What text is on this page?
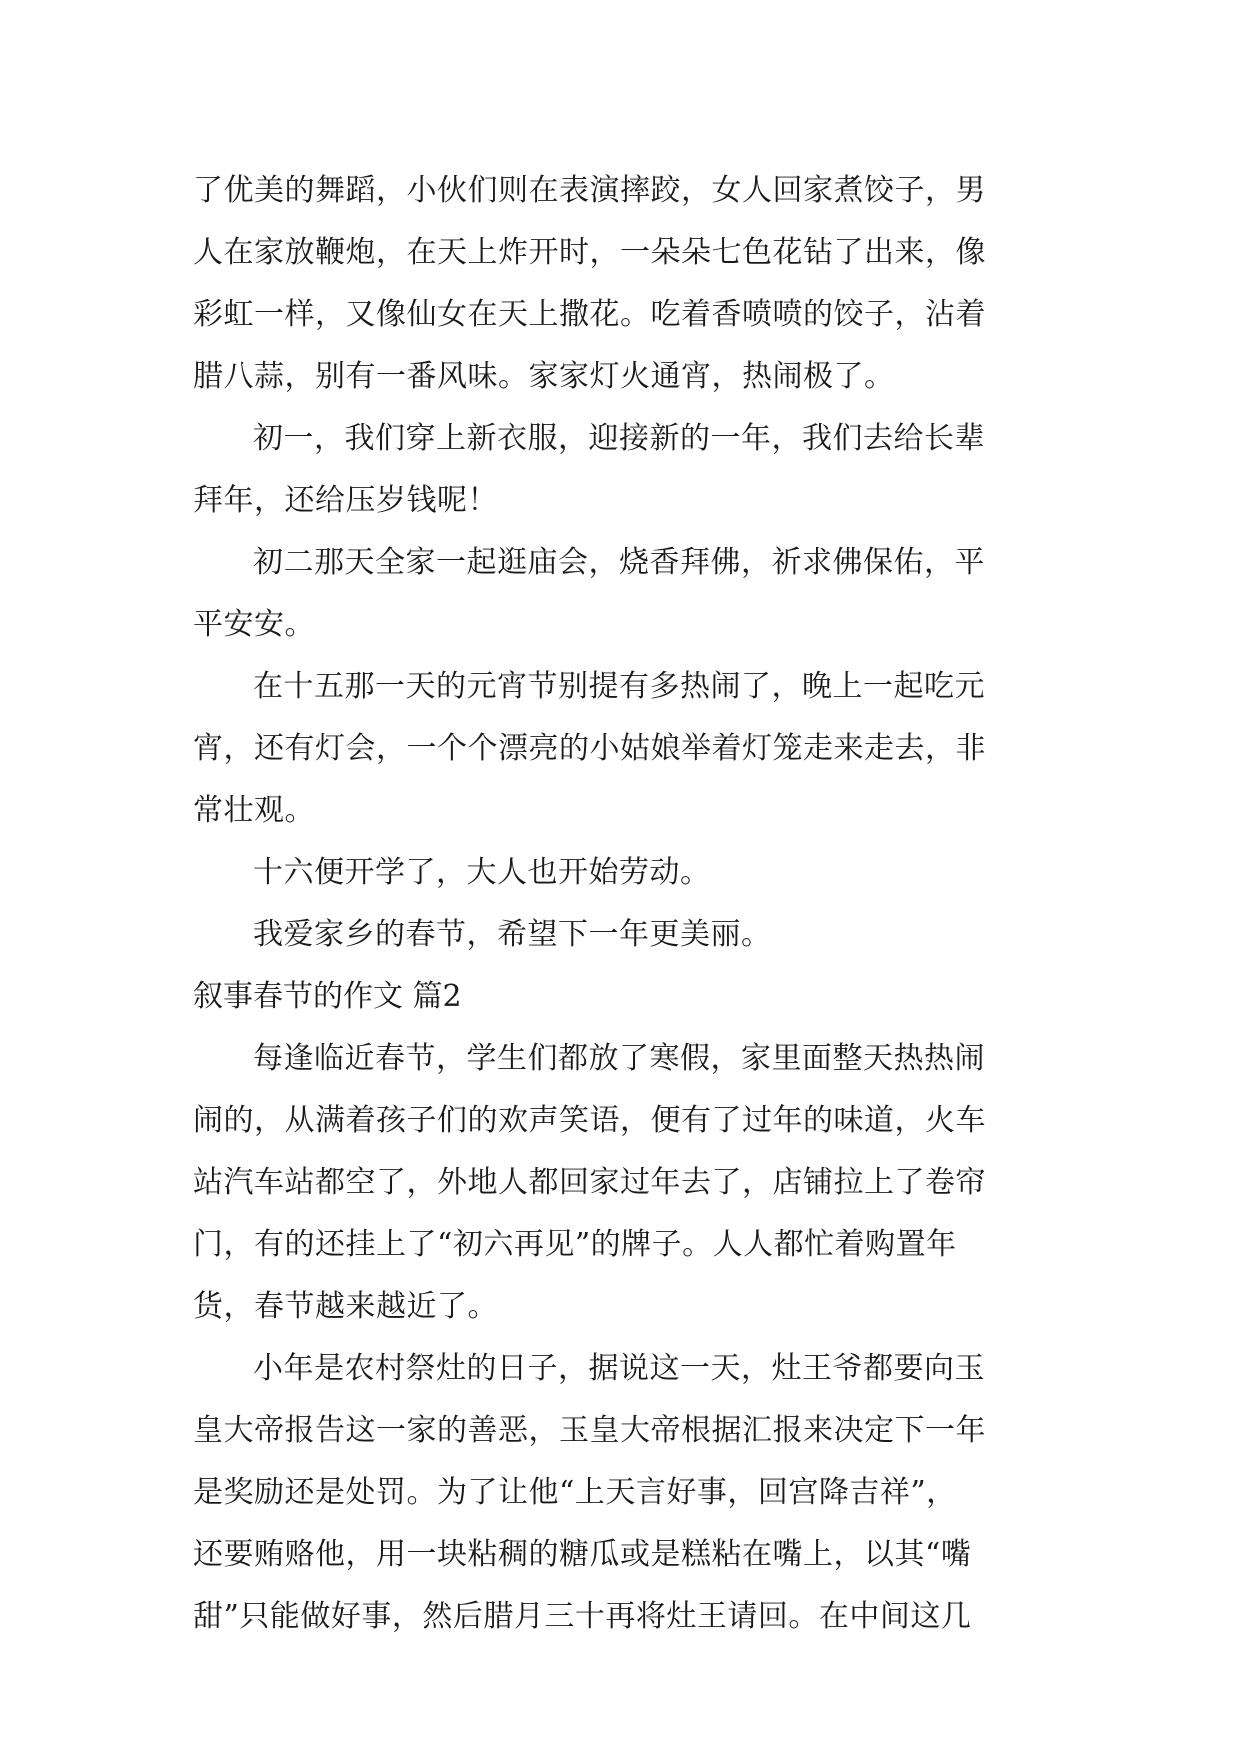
了优美的舞蹈，小伙们则在表演摔跤，女人回家煮饺子，男
人在家放鞭炮，在天上炸开时，一朵朵七色花钻了出来，像
彩虹一样，又像仙女在天上撒花。吃着香喷喷的饺子，沾着
腊八蒜，别有一番风味。家家灯火通宵，热闹极了。
初一，我们穿上新衣服，迎接新的一年，我们去给长辈
拜年，还给压岁钱呢！
初二那天全家一起逛庙会，烧香拜佛，祈求佛保佑，平
平安安。
在十五那一天的元宵节别提有多热闹了，晚上一起吃元
宵，还有灯会，一个个漂亮的小姑娘举着灯笼走来走去，非
常壮观。
十六便开学了，大人也开始劳动。
我爱家乡的春节，希望下一年更美丽。
叙事春节的作文 篇2
每逢临近春节，学生们都放了寒假，家里面整天热热闹
闹的，从满着孩子们的欢声笑语，便有了过年的味道，火车
站汽车站都空了，外地人都回家过年去了，店铺拉上了卷帘
门，有的还挂上了“初六再见”的牌子。人人都忙着购置年
货，春节越来越近了。
小年是农村祭灶的日子，据说这一天，灶王爷都要向玉
皇大帝报告这一家的善恶，玉皇大帝根据汇报来决定下一年
是奖励还是处罚。为了让他“上天言好事，回宫降吉祥”，
还要贿赂他，用一块粘稠的糖瓜或是糕粘在嘴上，以其“嘴
甜”只能做好事，然后腊月三十再将灶王请回。在中间这几
